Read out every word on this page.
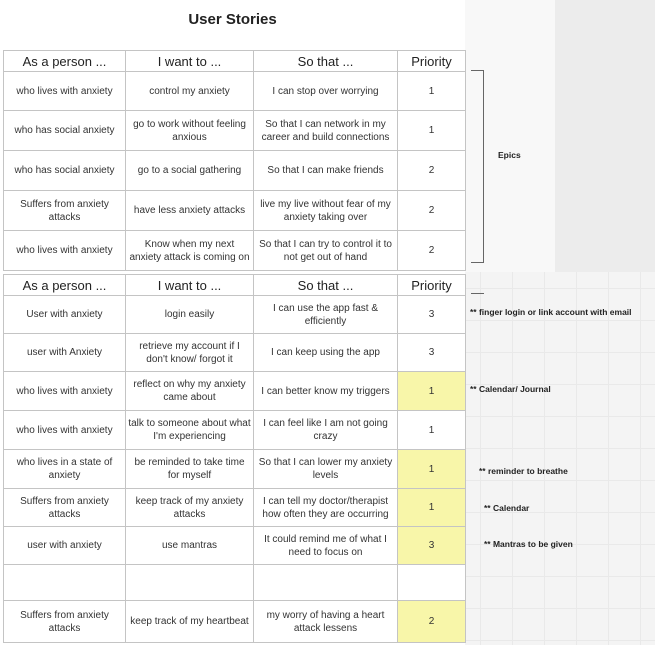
User Stories
As a person ...	I want to ...	So that ...	Priority
who lives with anxiety	control my anxiety	I can stop over worrying	1
who has social anxiety	go to work without feeling anxious	So that I can network in my career and build connections	1
who has social anxiety	go to a social gathering	So that I can make friends	2
Suffers from anxiety attacks	have less anxiety attacks	live my live without fear of my anxiety taking over	2
who lives with anxiety	Know when my next anxiety attack is coming on	So that I can try to control it to not get out of hand	2
As a person ...	I want to ...	So that ...	Priority
User with anxiety	login easily	I can use the app fast & efficiently	3
user with Anxiety	retrieve my account if I don't know/ forgot it	I can keep using the app	3
who lives with anxiety	reflect on why my anxiety came about	I can better know my triggers	1
who lives with anxiety	talk to someone about what I'm experiencing	I can feel like I am not going crazy	1
who lives in a state of anxiety	be reminded to take time for myself	So that I can lower my anxiety levels	1
Suffers from anxiety attacks	keep track of my anxiety attacks	I can tell my doctor/therapist how often they are occurring	1
user with anxiety	use mantras	It could remind me of what I need to focus on	3

Suffers from anxiety attacks	keep track of my heartbeat	my worry of having a heart attack lessens	2
Epics
** finger login or link account with email
** Calendar/ Journal
** reminder to breathe
** Calendar
** Mantras to be given
